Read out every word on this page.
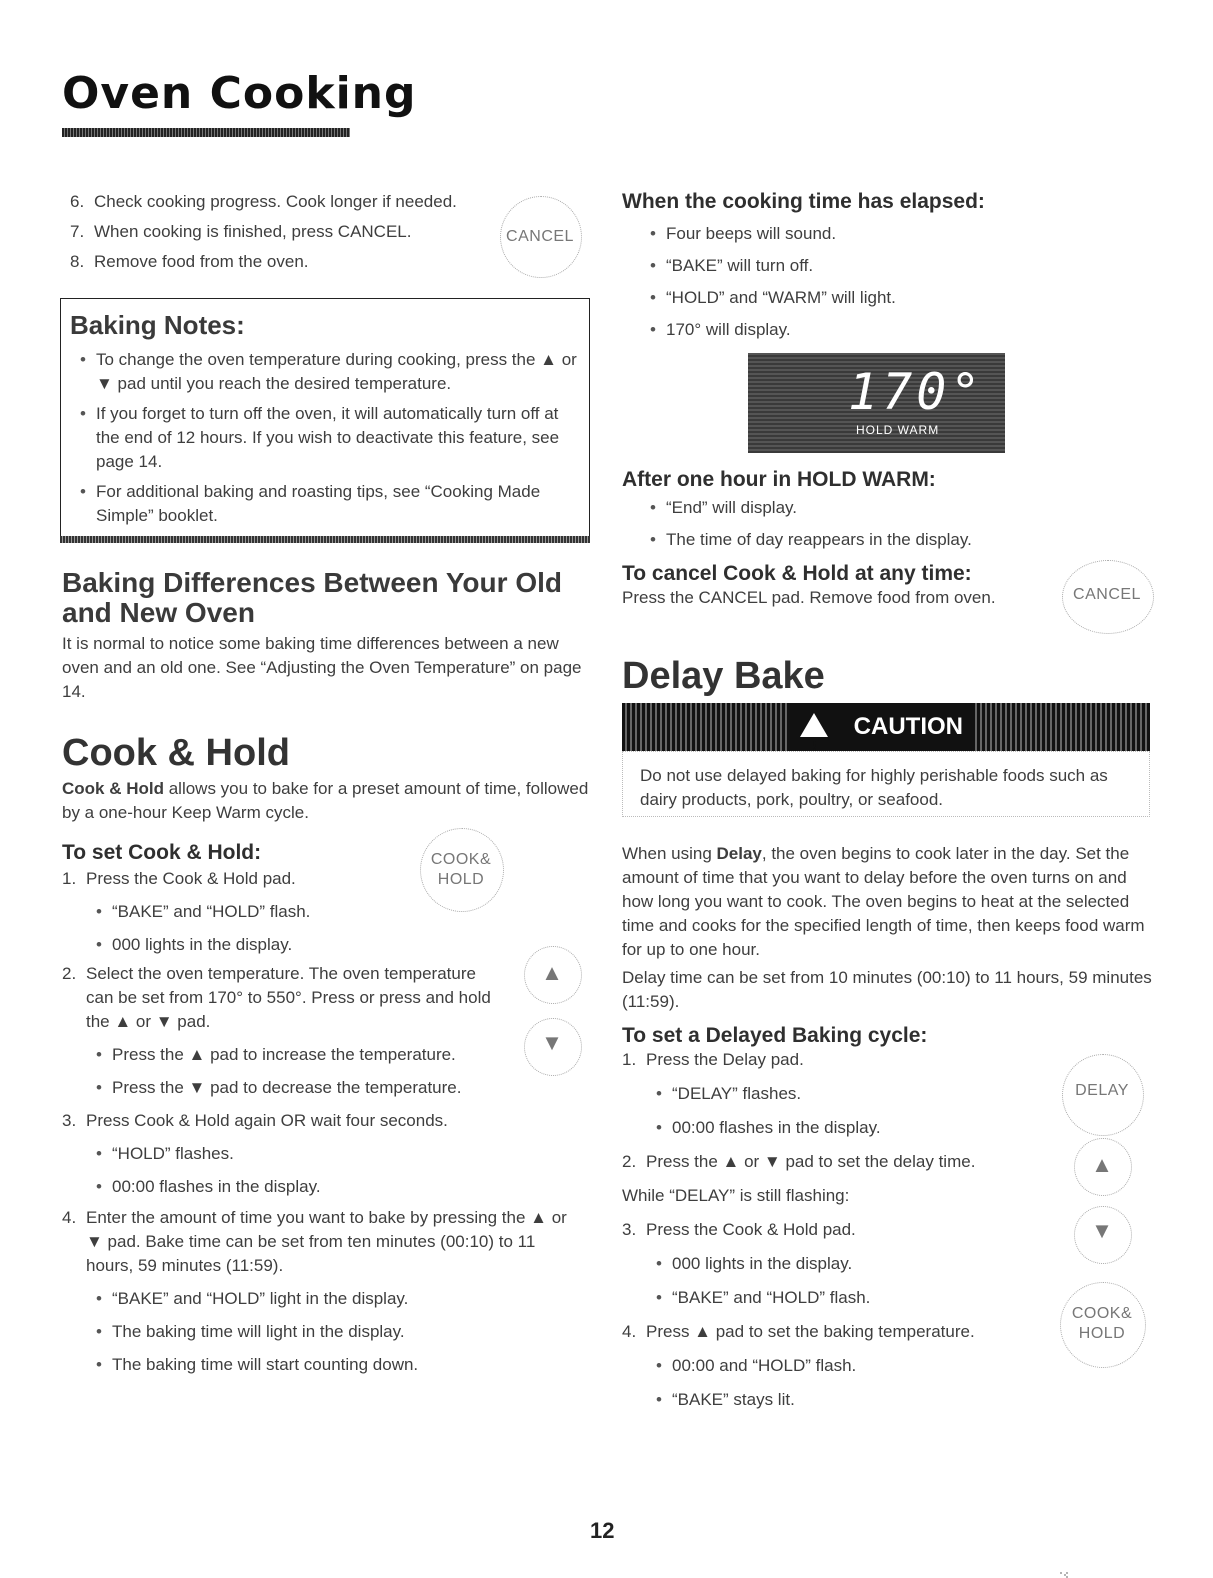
Oven Cooking
6. Check cooking progress. Cook longer if needed.
7. When cooking is finished, press CANCEL.
8. Remove food from the oven.
CANCEL
Baking Notes:
• To change the oven temperature during cooking, press the ▲ or ▼ pad until you reach the desired temperature.
• If you forget to turn off the oven, it will automatically turn off at the end of 12 hours. If you wish to deactivate this feature, see page 14.
• For additional baking and roasting tips, see “Cooking Made Simple” booklet.
Baking Differences Between Your Old and New Oven
It is normal to notice some baking time differences between a new oven and an old one. See “Adjusting the Oven Temperature” on page 14.
Cook & Hold
Cook & Hold allows you to bake for a preset amount of time, followed by a one-hour Keep Warm cycle.
To set Cook & Hold:
1. Press the Cook & Hold pad.
• “BAKE” and “HOLD” flash.
• 000 lights in the display.
COOK&
HOLD
2. Select the oven temperature. The oven temperature can be set from 170° to 550°. Press or press and hold the ▲ or ▼ pad.
• Press the ▲ pad to increase the temperature.
• Press the ▼ pad to decrease the temperature.
3. Press Cook & Hold again OR wait four seconds.
• “HOLD” flashes.
• 00:00 flashes in the display.
4. Enter the amount of time you want to bake by pressing the ▲ or ▼ pad. Bake time can be set from ten minutes (00:10) to 11 hours, 59 minutes (11:59).
• “BAKE” and “HOLD” light in the display.
• The baking time will light in the display.
• The baking time will start counting down.
▲
▼
When the cooking time has elapsed:
• Four beeps will sound.
• “BAKE” will turn off.
• “HOLD” and “WARM” will light.
• 170° will display.
170°
HOLD WARM
After one hour in HOLD WARM:
• “End” will display.
• The time of day reappears in the display.
To cancel Cook & Hold at any time:
Press the CANCEL pad. Remove food from oven.	CANCEL
Delay Bake
!
CAUTION
Do not use delayed baking for highly perishable foods such as dairy products, pork, poultry, or seafood.
When using Delay, the oven begins to cook later in the day. Set the amount of time that you want to delay before the oven turns on and how long you want to cook. The oven begins to heat at the selected time and cooks for the specified length of time, then keeps food warm for up to one hour.
Delay time can be set from 10 minutes (00:10) to 11 hours, 59 minutes (11:59).
To set a Delayed Baking cycle:
1. Press the Delay pad.
• “DELAY” flashes.
• 00:00 flashes in the display.
2. Press the ▲ or ▼ pad to set the delay time.
While “DELAY” is still flashing:
3. Press the Cook & Hold pad.
• 000 lights in the display.
• “BAKE” and “HOLD” flash.
4. Press ▲ pad to set the baking temperature.
• 00:00 and “HOLD” flash.
• “BAKE” stays lit.
DELAY
▲
▼
COOK&
HOLD
12
